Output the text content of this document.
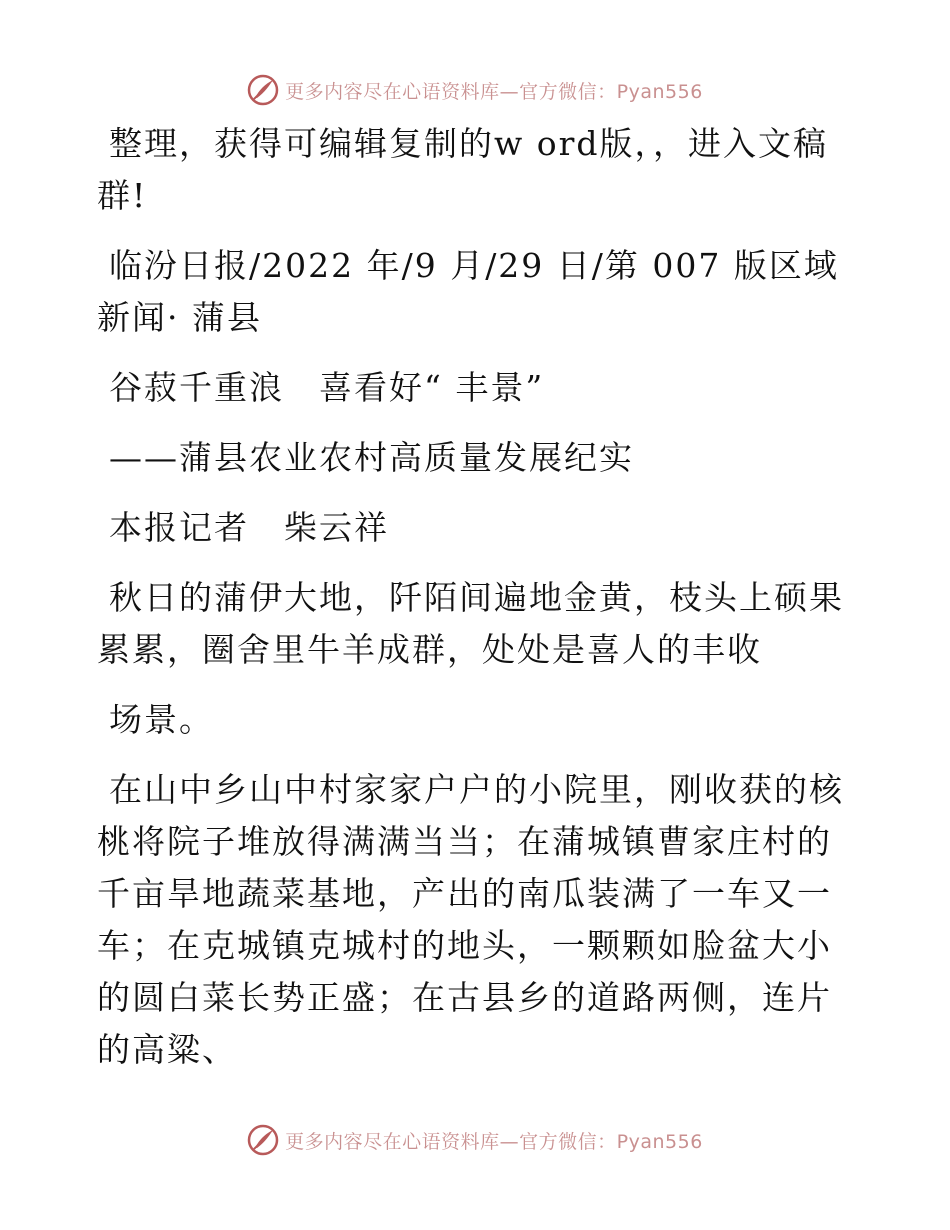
更多内容尽在心语资料库—官方微信：Pyan556

整理，获得可编辑复制的w ord版，，进入文稿群!

临汾日报/2022 年/9 月/29 日/第 007 版区域新闻· 蒲县

谷菽千重浪　喜看好“ 丰景”

——蒲县农业农村高质量发展纪实

本报记者　柴云祥

秋日的蒲伊大地，阡陌间遍地金黄，枝头上硕果累累，圈舍里牛羊成群，处处是喜人的丰收

场景。

在山中乡山中村家家户户的小院里，刚收获的核桃将院子堆放得满满当当；在蒲城镇曹家庄村的千亩旱地蔬菜基地，产出的南瓜装满了一车又一车；在克城镇克城村的地头，一颗颗如脸盆大小的圆白菜长势正盛；在古县乡的道路两侧，连片的高粱、

更多内容尽在心语资料库—官方微信：Pyan556
